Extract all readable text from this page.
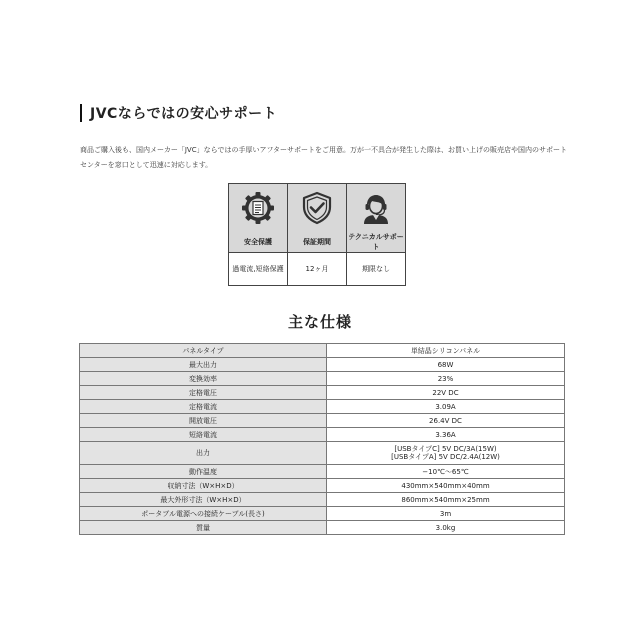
JVCならではの安心サポート
商品ご購入後も、国内メーカー「JVC」ならではの手厚いアフターサポートをご用意。万が一不具合が発生した際は、お買い上げの販売店や国内のサポートセンターを窓口として迅速に対応します。

安全保護	保証期間	テクニカルサポート
過電流,短絡保護	12ヶ月	期限なし
主な仕様
パネルタイプ	単結晶シリコンパネル
最大出力	68W
変換効率	23%
定格電圧	22V DC
定格電流	3.09A
開放電圧	26.4V DC
短絡電流	3.36A
出力	[USBタイプC] 5V DC/3A(15W)
[USBタイプA] 5V DC/2.4A(12W)
動作温度	−10℃〜65℃
収納寸法（W×H×D）	430mm×540mm×40mm
最大外形寸法（W×H×D）	860mm×540mm×25mm
ポータブル電源への接続ケーブル(長さ)	3m
質量	3.0kg
